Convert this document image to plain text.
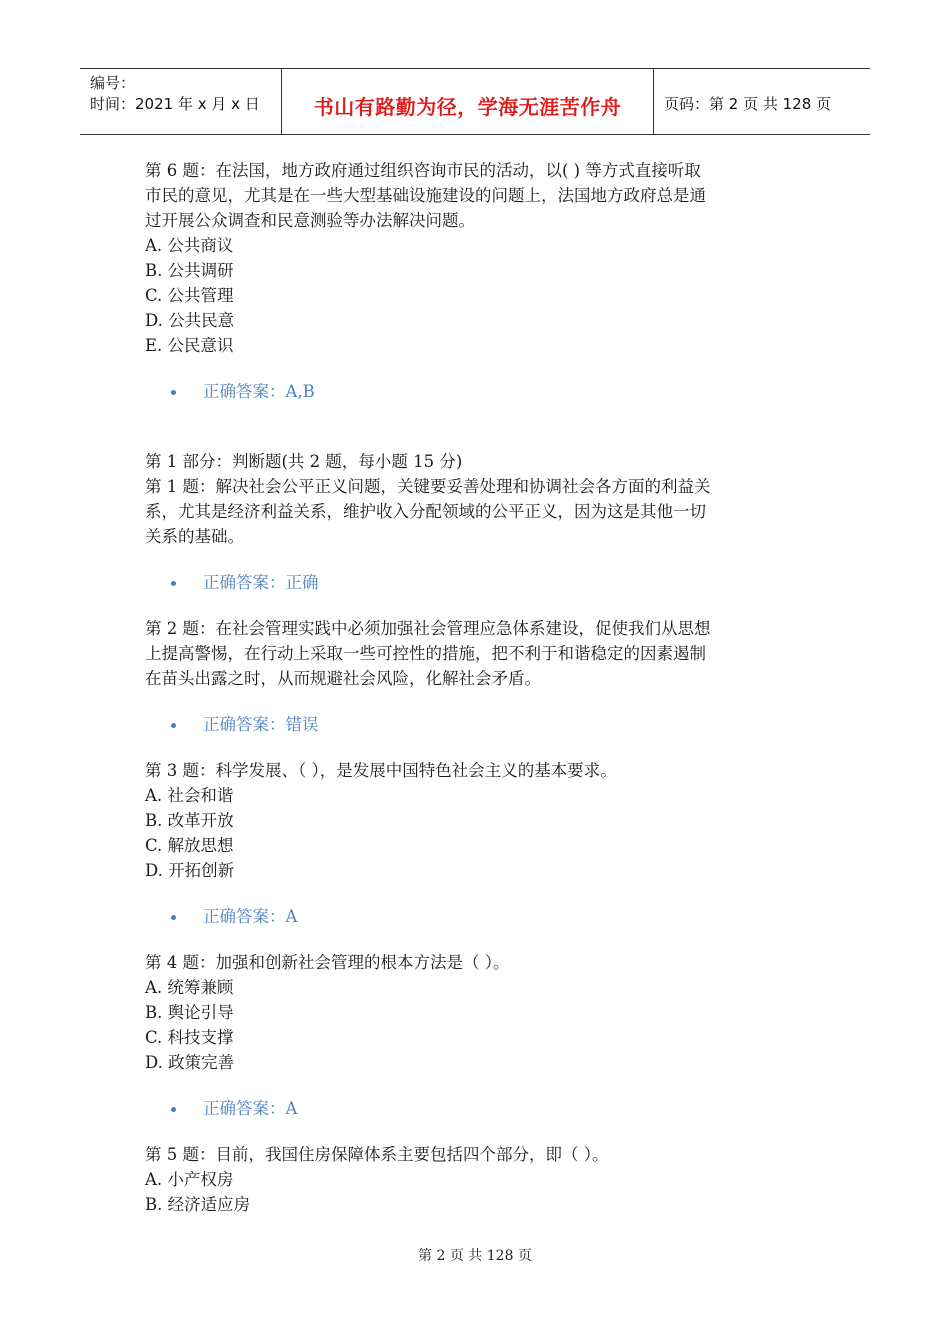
编号：
时间：2021 年 x 月 x 日	书山有路勤为径，学海无涯苦作舟	页码：第 2 页 共 128 页

第 6 题：在法国，地方政府通过组织咨询市民的活动，以( ) 等方式直接听取

市民的意见，尤其是在一些大型基础设施建设的问题上，法国地方政府总是通

过开展公众调查和民意测验等办法解决问题。

A. 公共商议

B. 公共调研

C. 公共管理

D. 公共民意

E. 公民意识

正确答案：A,B

第 1 部分：判断题(共 2 题，每小题 15 分)

第 1 题：解决社会公平正义问题，关键要妥善处理和协调社会各方面的利益关

系，尤其是经济利益关系，维护收入分配领域的公平正义，因为这是其他一切

关系的基础。

正确答案：正确

第 2 题：在社会管理实践中必须加强社会管理应急体系建设，促使我们从思想

上提高警惕，在行动上采取一些可控性的措施，把不利于和谐稳定的因素遏制

在苗头出露之时，从而规避社会风险，化解社会矛盾。

正确答案：错误

第 3 题：科学发展、（ ），是发展中国特色社会主义的基本要求。

A. 社会和谐

B. 改革开放

C. 解放思想

D. 开拓创新

正确答案：A

第 4 题：加强和创新社会管理的根本方法是（ ）。

A. 统筹兼顾

B. 舆论引导

C. 科技支撑

D. 政策完善

正确答案：A

第 5 题：目前，我国住房保障体系主要包括四个部分，即（ ）。

A. 小产权房

B. 经济适应房

第 2 页 共 128 页
